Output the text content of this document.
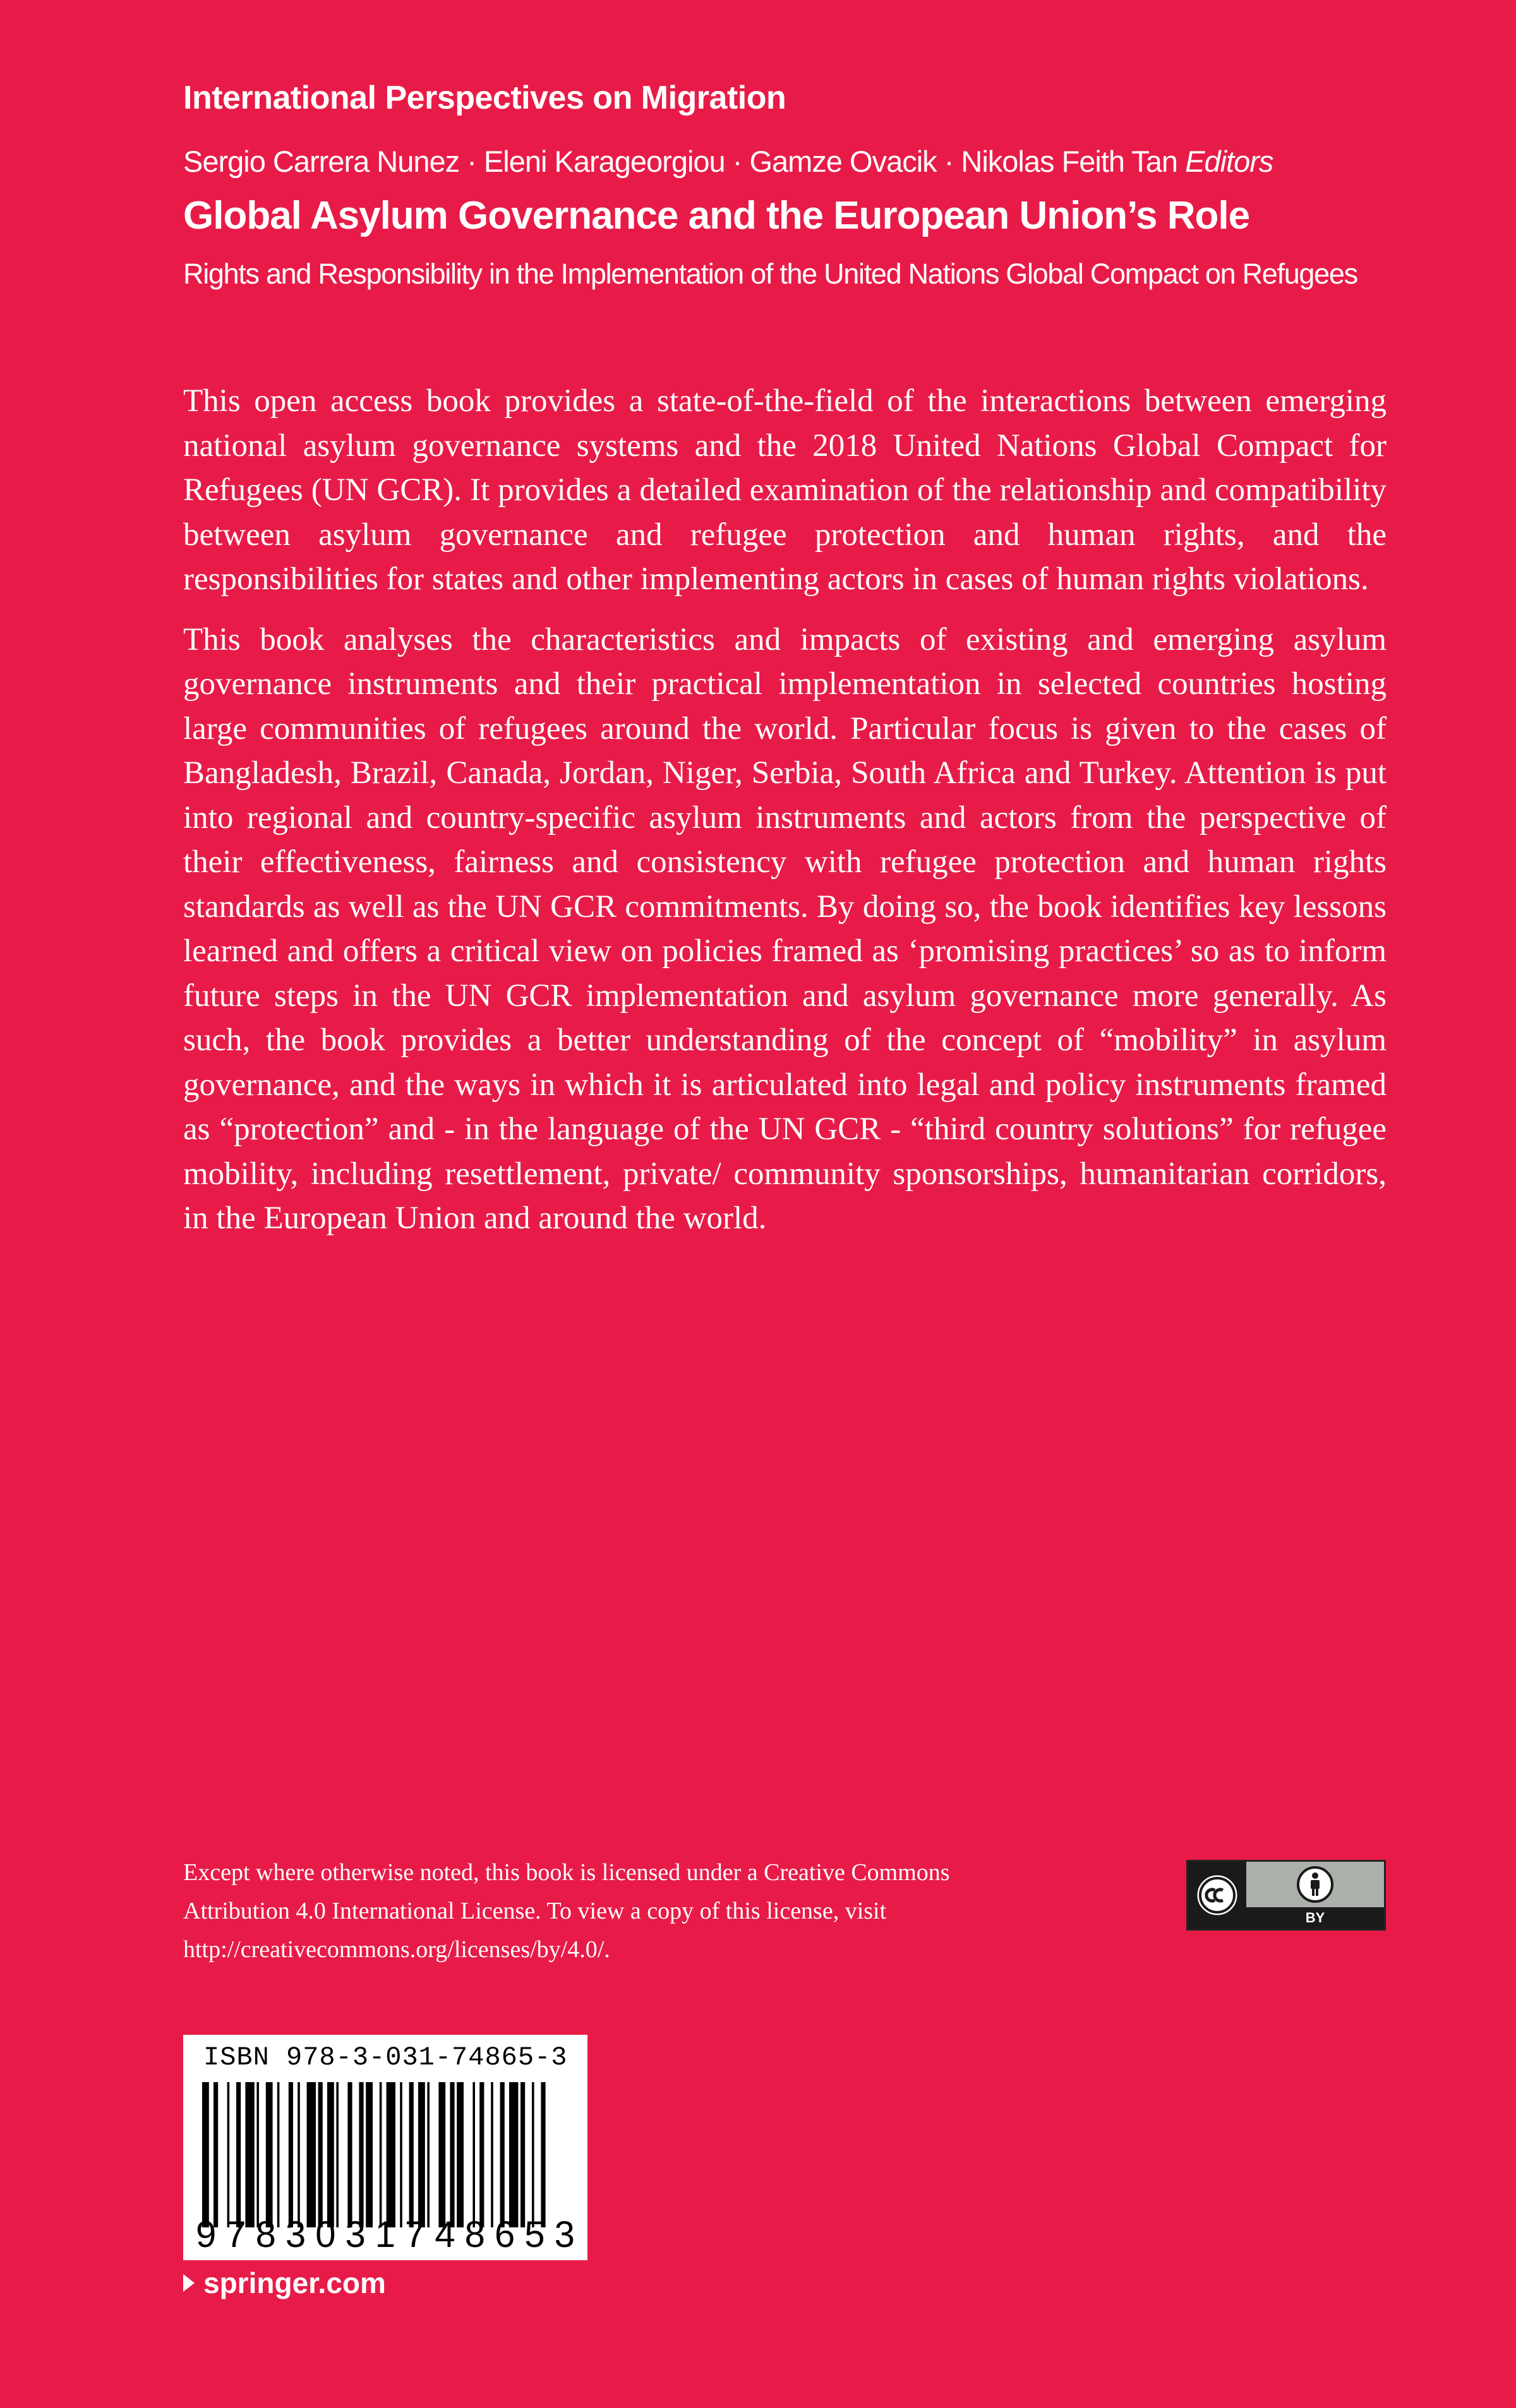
International Perspectives on Migration
Sergio Carrera Nunez · Eleni Karageorgiou · Gamze Ovacik · Nikolas Feith Tan Editors
Global Asylum Governance and the European Union’s Role
Rights and Responsibility in the Implementation of the United Nations Global Compact on Refugees

This open access book provides a state-of-the-field of the interactions between emerging national asylum governance systems and the 2018 United Nations Global Compact for Refugees (UN GCR). It provides a detailed examination of the relationship and compatibility between asylum governance and refugee protection and human rights, and the responsibilities for states and other implementing actors in cases of human rights violations.

This book analyses the characteristics and impacts of existing and emerging asylum governance instruments and their practical implementation in selected countries hosting large communities of refugees around the world. Particular focus is given to the cases of Bangladesh, Brazil, Canada, Jordan, Niger, Serbia, South Africa and Turkey. Attention is put into regional and country-specific asylum instruments and actors from the perspective of their effectiveness, fairness and consistency with refugee protection and human rights standards as well as the UN GCR commitments. By doing so, the book identifies key lessons learned and offers a critical view on policies framed as ‘promising practices’ so as to inform future steps in the UN GCR implementation and asylum governance more generally. As such, the book provides a better understanding of the concept of “mobility” in asylum governance, and the ways in which it is articulated into legal and policy instruments framed as “protection” and - in the language of the UN GCR - “third country solutions” for refugee mobility, including resettlement, private/ community sponsorships, humanitarian corridors, in the European Union and around the world.

Except where otherwise noted, this book is licensed under a Creative Commons Attribution 4.0 International License. To view a copy of this license, visit http://creativecommons.org/licenses/by/4.0/.
BY
ISBN 978-3-031-74865-3
9 7 8 3 0 3 1 7 4 8 6 5 3
springer.com
